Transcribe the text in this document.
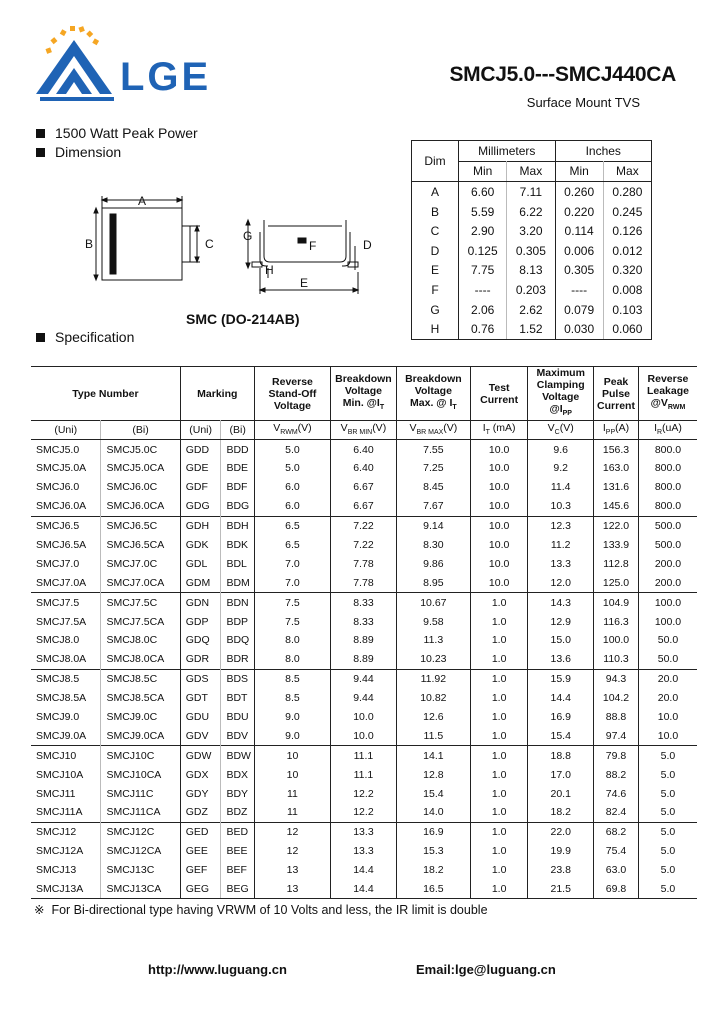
LGE	SMCJ5.0---SMCJ440CA
Surface Mount TVS
1500 Watt Peak Power
Dimension
Specification
A
B	C
G
F	D
H
E
SMC (DO-214AB)
Dim	Millimeters		Inches	
	Min	Max	Min	Max
A	6.60	7.11	0.260	0.280
B	5.59	6.22	0.220	0.245
C	2.90	3.20	0.114	0.126
D	0.125	0.305	0.006	0.012
E	7.75	8.13	0.305	0.320
F	----	0.203	----	0.008
G	2.06	2.62	0.079	0.103
H	0.76	1.52	0.030	0.060
Type Number		Marking		Reverse
Stand-Off
Voltage	Breakdown
Voltage
Min. $@I_T$	Breakdown
Voltage
Max. @ $I_T$	Test
Current	Maximum
Clamping
Voltage
$@I_{PP}$	Peak
Pulse
Current	Reverse
Leakage
$@V_{RWM}$
(Uni)	(Bi)	(Uni)	(Bi)	$V_{RWM}(V)$	$V_{BR MIN}(V)$	$V_{BR MAX}(V)$	$I_T$ (mA)	$V_C(V)$	$I_{PP}(A)$	$I_R(uA)$
SMCJ5.0	SMCJ5.0C	GDD	BDD	5.0	6.40	7.55	10.0	9.6	156.3	800.0
SMCJ5.0A	SMCJ5.0CA	GDE	BDE	5.0	6.40	7.25	10.0	9.2	163.0	800.0
SMCJ6.0	SMCJ6.0C	GDF	BDF	6.0	6.67	8.45	10.0	11.4	131.6	800.0
SMCJ6.0A	SMCJ6.0CA	GDG	BDG	6.0	6.67	7.67	10.0	10.3	145.6	800.0
SMCJ6.5	SMCJ6.5C	GDH	BDH	6.5	7.22	9.14	10.0	12.3	122.0	500.0
SMCJ6.5A	SMCJ6.5CA	GDK	BDK	6.5	7.22	8.30	10.0	11.2	133.9	500.0
SMCJ7.0	SMCJ7.0C	GDL	BDL	7.0	7.78	9.86	10.0	13.3	112.8	200.0
SMCJ7.0A	SMCJ7.0CA	GDM	BDM	7.0	7.78	8.95	10.0	12.0	125.0	200.0
SMCJ7.5	SMCJ7.5C	GDN	BDN	7.5	8.33	10.67	1.0	14.3	104.9	100.0
SMCJ7.5A	SMCJ7.5CA	GDP	BDP	7.5	8.33	9.58	1.0	12.9	116.3	100.0
SMCJ8.0	SMCJ8.0C	GDQ	BDQ	8.0	8.89	11.3	1.0	15.0	100.0	50.0
SMCJ8.0A	SMCJ8.0CA	GDR	BDR	8.0	8.89	10.23	1.0	13.6	110.3	50.0
SMCJ8.5	SMCJ8.5C	GDS	BDS	8.5	9.44	11.92	1.0	15.9	94.3	20.0
SMCJ8.5A	SMCJ8.5CA	GDT	BDT	8.5	9.44	10.82	1.0	14.4	104.2	20.0
SMCJ9.0	SMCJ9.0C	GDU	BDU	9.0	10.0	12.6	1.0	16.9	88.8	10.0
SMCJ9.0A	SMCJ9.0CA	GDV	BDV	9.0	10.0	11.5	1.0	15.4	97.4	10.0
SMCJ10	SMCJ10C	GDW	BDW	10	11.1	14.1	1.0	18.8	79.8	5.0
SMCJ10A	SMCJ10CA	GDX	BDX	10	11.1	12.8	1.0	17.0	88.2	5.0
SMCJ11	SMCJ11C	GDY	BDY	11	12.2	15.4	1.0	20.1	74.6	5.0
SMCJ11A	SMCJ11CA	GDZ	BDZ	11	12.2	14.0	1.0	18.2	82.4	5.0
SMCJ12	SMCJ12C	GED	BED	12	13.3	16.9	1.0	22.0	68.2	5.0
SMCJ12A	SMCJ12CA	GEE	BEE	12	13.3	15.3	1.0	19.9	75.4	5.0
SMCJ13	SMCJ13C	GEF	BEF	13	14.4	18.2	1.0	23.8	63.0	5.0
SMCJ13A	SMCJ13CA	GEG	BEG	13	14.4	16.5	1.0	21.5	69.8	5.0
※ For Bi-directional type having VRWM of 10 Volts and less, the IR limit is double
http://www.luguang.cn	Email:lge@luguang.cn
